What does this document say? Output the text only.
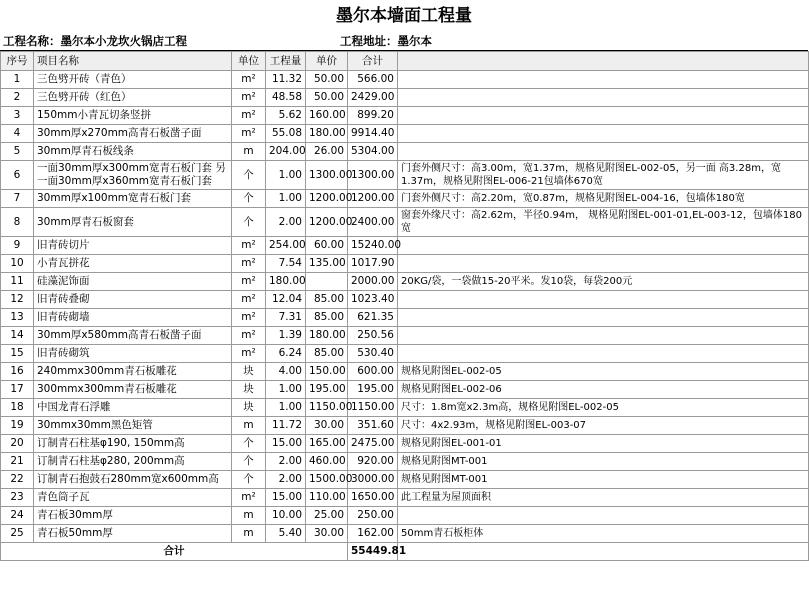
墨尔本墙面工程量
工程名称：墨尔本小龙坎火锅店工程	工程地址：墨尔本
序号	项目名称	单位	工程量	单价	合计	
1	三色劈开砖（青色）	m²	11.32	50.00	566.00	
2	三色劈开砖（红色）	m²	48.58	50.00	2429.00	
3	150mm小青瓦切条竖拼	m²	5.62	160.00	899.20	
4	30mm厚x270mm高青石板凿子面	m²	55.08	180.00	9914.40	
5	30mm厚青石板线条	m	204.00	26.00	5304.00	
6	一面30mm厚x300mm宽青石板门套 另一面30mm厚x360mm宽青石板门套	个	1.00	1300.00	1300.00	门套外侧尺寸：高3.00m，宽1.37m，规格见附图EL-002-05，另一面 高3.28m，宽1.37m，规格见附图EL-006-21包墙体670宽
7	30mm厚x100mm宽青石板门套	个	1.00	1200.00	1200.00	门套外侧尺寸：高2.20m，宽0.87m，规格见附图EL-004-16，包墙体180宽
8	30mm厚青石板窗套	个	2.00	1200.00	2400.00	窗套外缘尺寸：高2.62m，半径0.94m， 规格见附图EL-001-01,EL-003-12，包墙体180宽
9	旧青砖切片	m²	254.00	60.00	15240.00	
10	小青瓦拼花	m²	7.54	135.00	1017.90	
11	硅藻泥饰面	m²	180.00		2000.00	20KG/袋，一袋做15-20平米。发10袋，每袋200元
12	旧青砖叠砌	m²	12.04	85.00	1023.40	
13	旧青砖砌墙	m²	7.31	85.00	621.35	
14	30mm厚x580mm高青石板凿子面	m²	1.39	180.00	250.56	
15	旧青砖砌筑	m²	6.24	85.00	530.40	
16	240mmx300mm青石板雕花	块	4.00	150.00	600.00	规格见附图EL-002-05
17	300mmx300mm青石板雕花	块	1.00	195.00	195.00	规格见附图EL-002-06
18	中国龙青石浮雕	块	1.00	1150.00	1150.00	尺寸：1.8m宽x2.3m高，规格见附图EL-002-05
19	30mmx30mm黑色矩管	m	11.72	30.00	351.60	尺寸：4x2.93m，规格见附图EL-003-07
20	订制青石柱基φ190, 150mm高	个	15.00	165.00	2475.00	规格见附图EL-001-01
21	订制青石柱基φ280, 200mm高	个	2.00	460.00	920.00	规格见附图MT-001
22	订制青石抱鼓石280mm宽x600mm高	个	2.00	1500.00	3000.00	规格见附图MT-001
23	青色筒子瓦	m²	15.00	110.00	1650.00	此工程量为屋顶面积
24	青石板30mm厚	m	10.00	25.00	250.00	
25	青石板50mm厚	m	5.40	30.00	162.00	50mm青石板柜体
合计					55449.81	
